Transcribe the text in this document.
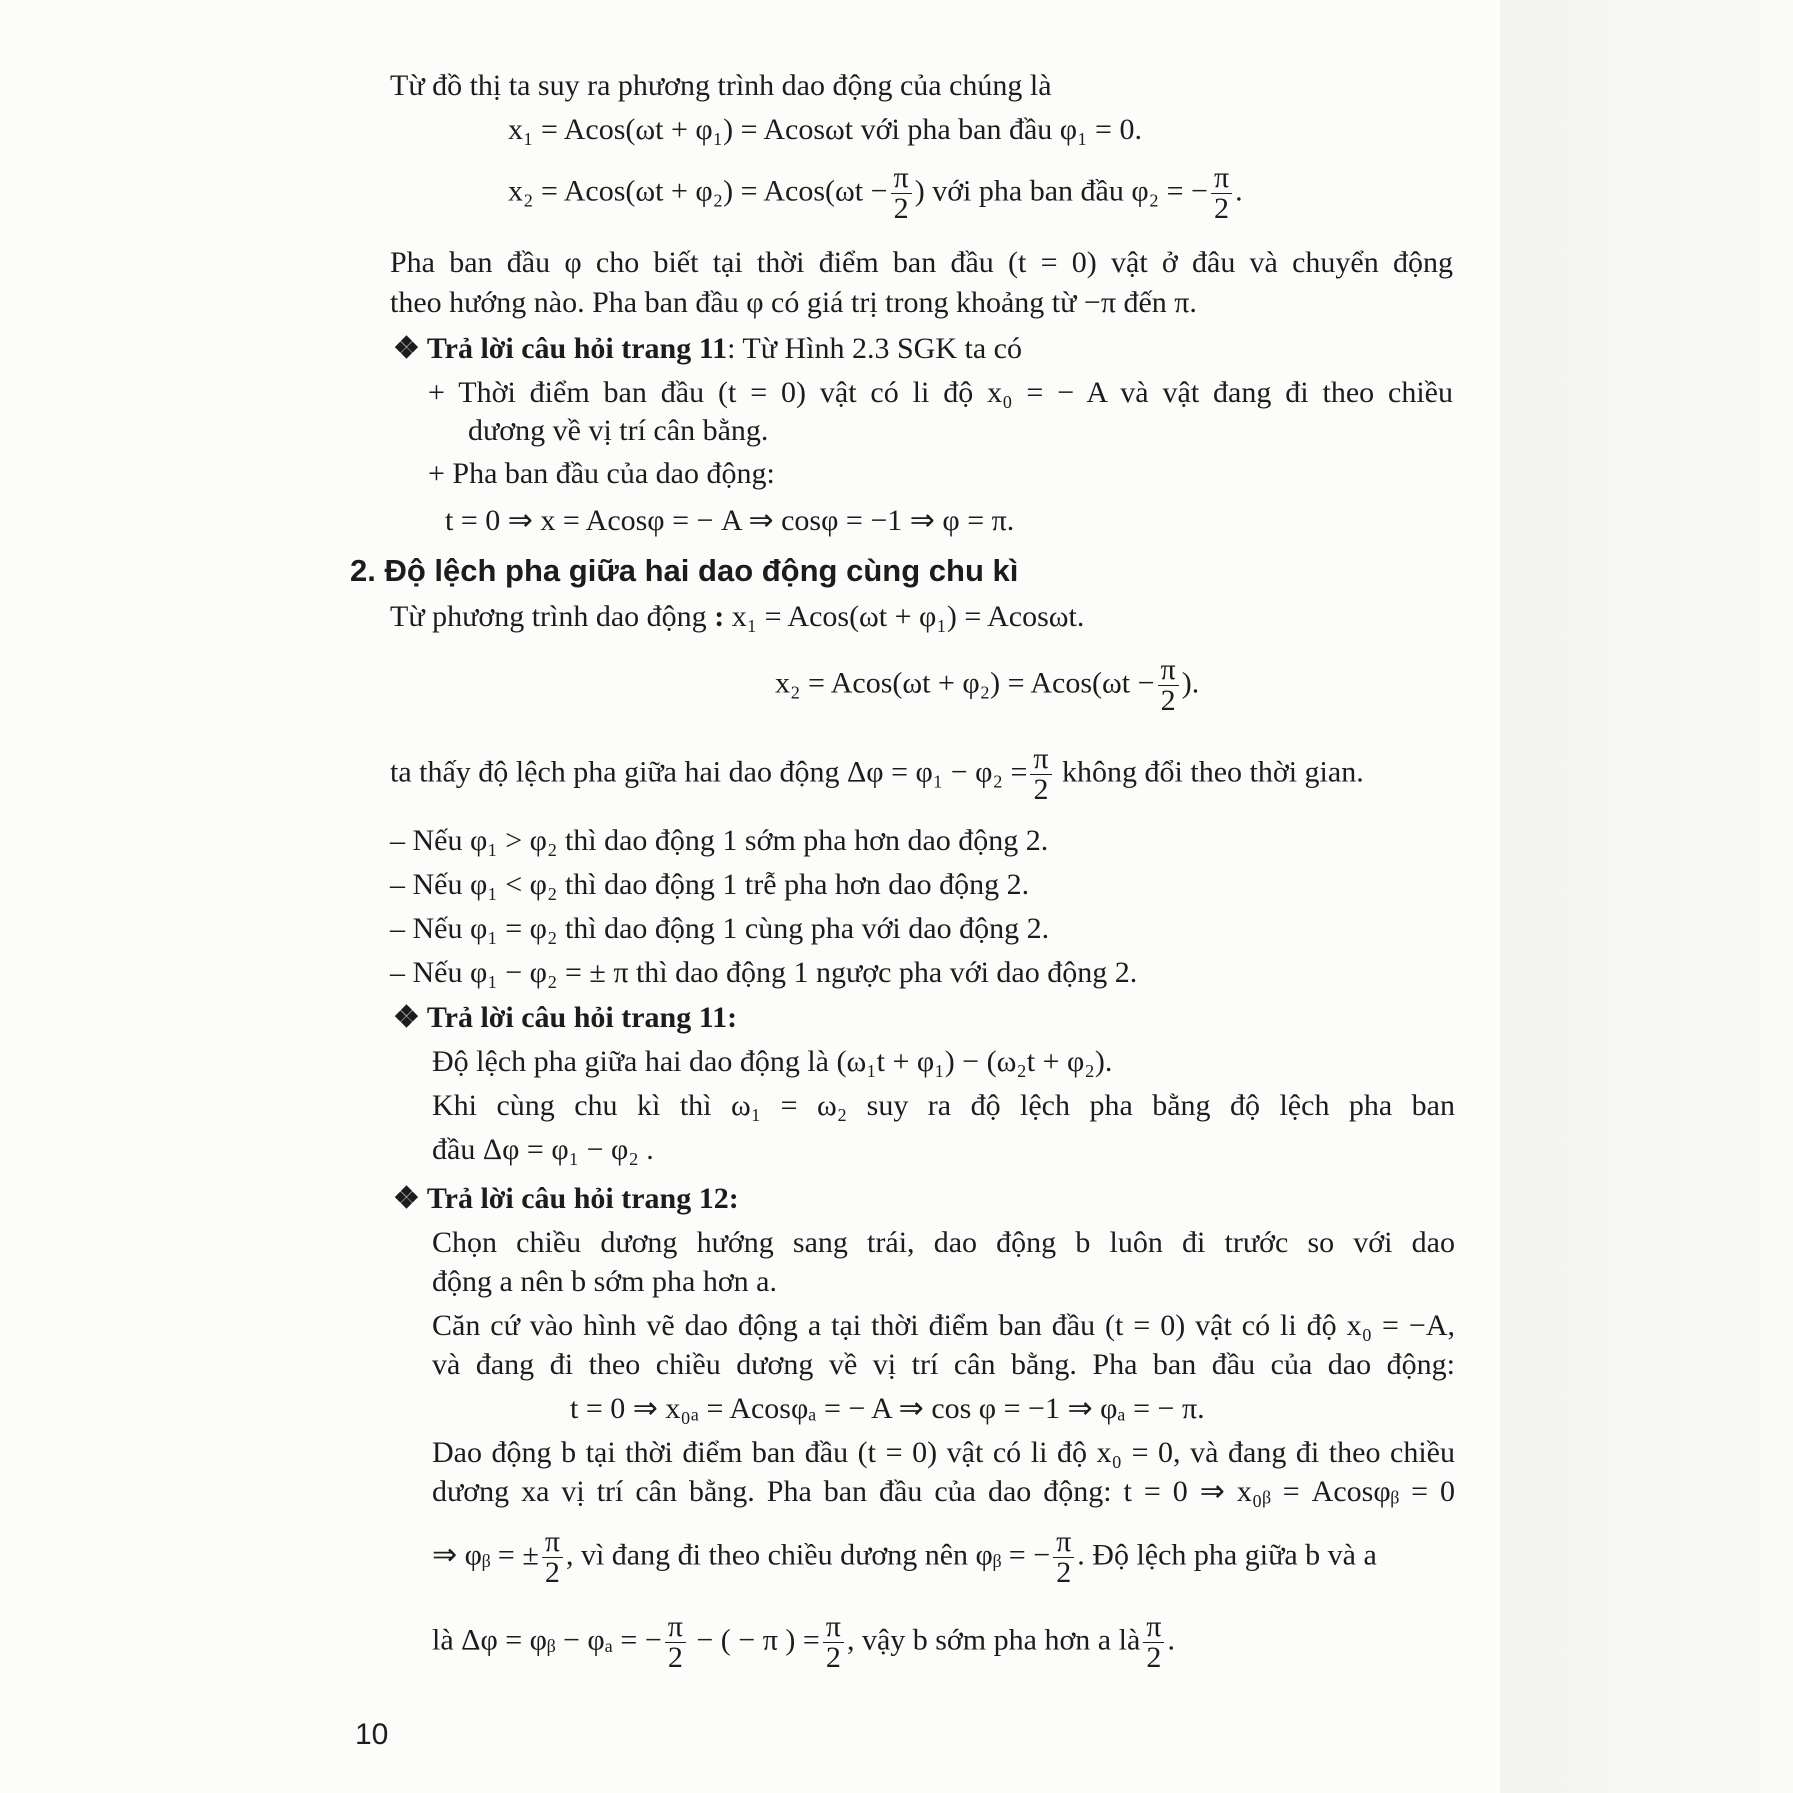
Từ đồ thị ta suy ra phương trình dao động của chúng là
x₁ = Acos(ωt + φ₁) = Acosωt với pha ban đầu φ₁ = 0.
$x_2 = Acos(\omega t + \varphi_2) = Acos(\omega t - \frac{\pi}{2}$ ) với pha ban đầu φ₂ = − $\frac{\pi}{2}$ .
Pha ban đầu φ cho biết tại thời điểm ban đầu (t = 0) vật ở đâu và chuyển động
theo hướng nào. Pha ban đầu φ có giá trị trong khoảng từ −π đến π.
❖ Trả lời câu hỏi trang 11: Từ Hình 2.3 SGK ta có
+ Thời điểm ban đầu (t = 0) vật có li độ x₀ = − A và vật đang đi theo chiều
dương về vị trí cân bằng.
+ Pha ban đầu của dao động:
t = 0 ⇒ x = Acosφ = − A ⇒ cosφ = −1 ⇒ φ = π.
2. Độ lệch pha giữa hai dao động cùng chu kì
Từ phương trình dao động : x₁ = Acos(ωt + φ₁) = Acosωt.
$x_2 = Acos(\omega t + \varphi_2) = Acos(\omega t - \frac{\pi}{2}$ ).
ta thấy độ lệch pha giữa hai dao động $\Delta\varphi = \varphi_1 - \varphi_2 = \frac{\pi}{2}$ không đổi theo thời gian.
– Nếu φ₁ > φ₂ thì dao động 1 sớm pha hơn dao động 2.
– Nếu φ₁ < φ₂ thì dao động 1 trễ pha hơn dao động 2.
– Nếu φ₁ = φ₂ thì dao động 1 cùng pha với dao động 2.
– Nếu φ₁ − φ₂ = ± π thì dao động 1 ngược pha với dao động 2.
❖ Trả lời câu hỏi trang 11:
Độ lệch pha giữa hai dao động là (ω₁t + φ₁) − (ω₂t + φ₂).
Khi cùng chu kì thì ω₁ = ω₂ suy ra độ lệch pha bằng độ lệch pha ban
đầu Δφ = φ₁ − φ₂ .
❖ Trả lời câu hỏi trang 12:
Chọn chiều dương hướng sang trái, dao động b luôn đi trước so với dao
động a nên b sớm pha hơn a.
Căn cứ vào hình vẽ dao động a tại thời điểm ban đầu (t = 0) vật có li độ x₀ = −A,
và đang đi theo chiều dương về vị trí cân bằng. Pha ban đầu của dao động:
t = 0 ⇒ x₀ₐ = Acosφₐ = − A ⇒ cos φ = −1 ⇒ φₐ = − π.
Dao động b tại thời điểm ban đầu (t = 0) vật có li độ x₀ = 0, và đang đi theo chiều
dương xa vị trí cân bằng. Pha ban đầu của dao động: t = 0 ⇒ x₀ᵦ = Acosφᵦ = 0
⇒ φᵦ = ± $\frac{\pi}{2}$ , vì đang đi theo chiều dương nên φᵦ = − $\frac{\pi}{2}$ . Độ lệch pha giữa b và a
là Δφ = φᵦ − φₐ = − $\frac{\pi}{2}$ − ( − π ) = $\frac{\pi}{2}$ , vậy b sớm pha hơn a là $\frac{\pi}{2}$ .
10
